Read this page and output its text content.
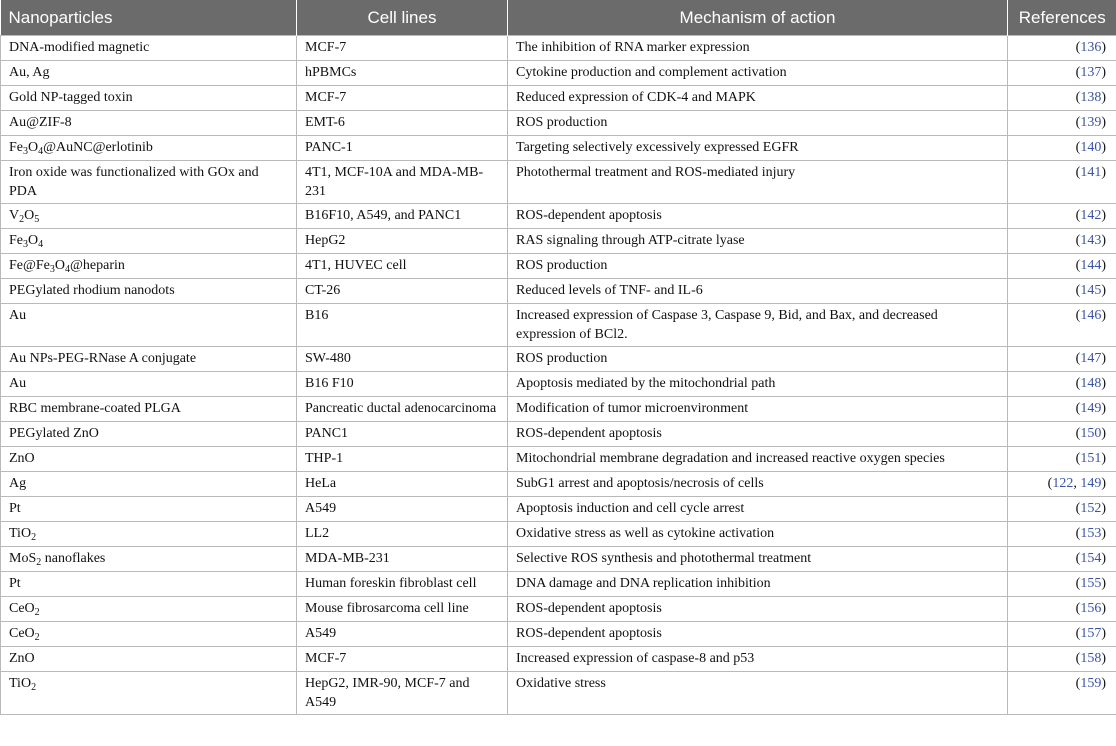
Nanoparticles	Cell lines	Mechanism of action	References
DNA-modified magnetic	MCF-7	The inhibition of RNA marker expression	(136)
Au, Ag	hPBMCs	Cytokine production and complement activation	(137)
Gold NP-tagged toxin	MCF-7	Reduced expression of CDK-4 and MAPK	(138)
Au@ZIF-8	EMT-6	ROS production	(139)
$Fe_3O_4@AuNC@erlotinib$	PANC-1	Targeting selectively excessively expressed EGFR	(140)
Iron oxide was functionalized with GOx and PDA	4T1, MCF-10A and MDA-MB-231	Photothermal treatment and ROS-mediated injury	(141)
$V_2O_5$	B16F10, A549, and PANC1	ROS-dependent apoptosis	(142)
$Fe_3O_4$	HepG2	RAS signaling through ATP-citrate lyase	(143)
$Fe@Fe_3O_4@heparin$	4T1, HUVEC cell	ROS production	(144)
PEGylated rhodium nanodots	CT-26	Reduced levels of TNF- and IL-6	(145)
Au	B16	Increased expression of Caspase 3, Caspase 9, Bid, and Bax, and decreased expression of BCl2.	(146)
Au NPs-PEG-RNase A conjugate	SW-480	ROS production	(147)
Au	B16 F10	Apoptosis mediated by the mitochondrial path	(148)
RBC membrane-coated PLGA	Pancreatic ductal adenocarcinoma	Modification of tumor microenvironment	(149)
PEGylated ZnO	PANC1	ROS-dependent apoptosis	(150)
ZnO	THP-1	Mitochondrial membrane degradation and increased reactive oxygen species	(151)
Ag	HeLa	SubG1 arrest and apoptosis/necrosis of cells	(122, 149)
Pt	A549	Apoptosis induction and cell cycle arrest	(152)
TiO$_2$	LL2	Oxidative stress as well as cytokine activation	(153)
MoS$_2$ nanoflakes	MDA-MB-231	Selective ROS synthesis and photothermal treatment	(154)
Pt	Human foreskin fibroblast cell	DNA damage and DNA replication inhibition	(155)
CeO$_2$	Mouse fibrosarcoma cell line	ROS-dependent apoptosis	(156)
CeO$_2$	A549	ROS-dependent apoptosis	(157)
ZnO	MCF-7	Increased expression of caspase-8 and p53	(158)
TiO$_2$	HepG2, IMR-90, MCF-7 and A549	Oxidative stress	(159)
